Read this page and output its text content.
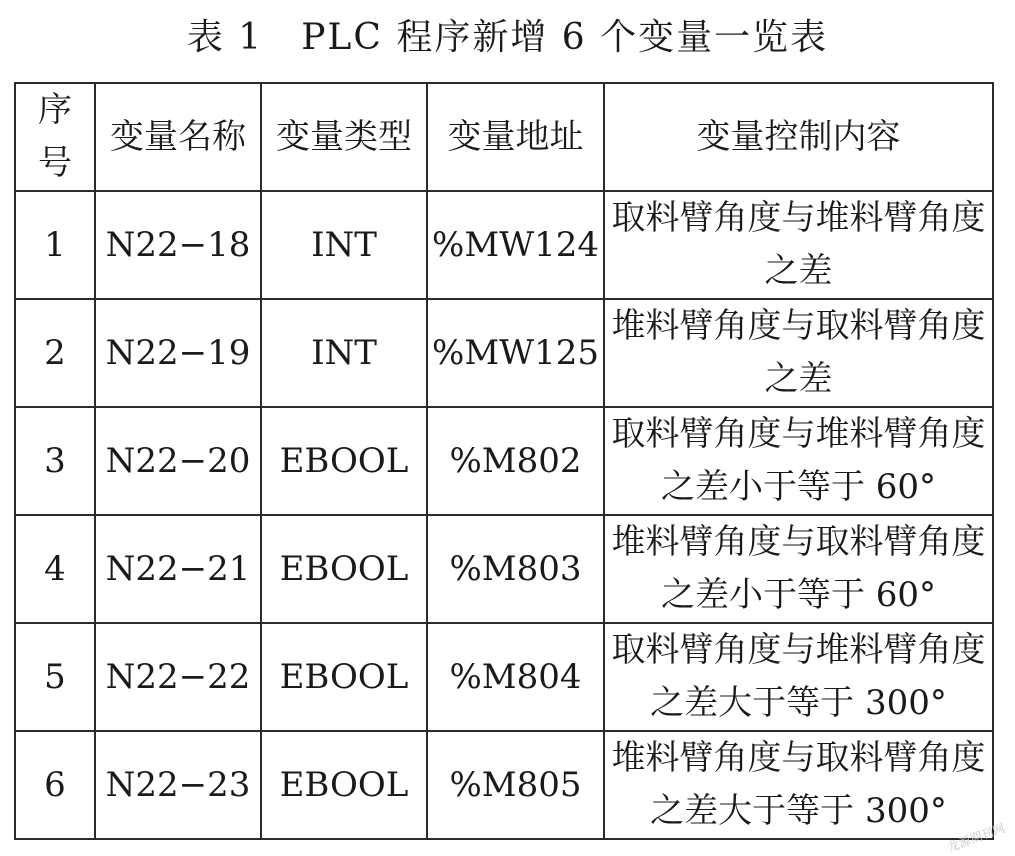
表 1　PLC 程序新增 6 个变量一览表
序号	变量名称	变量类型	变量地址	变量控制内容
1	N22−18	INT	%MW124	取料臂角度与堆料臂角度之差
2	N22−19	INT	%MW125	堆料臂角度与取料臂角度之差
3	N22−20	EBOOL	%M802	取料臂角度与堆料臂角度之差小于等于 60°
4	N22−21	EBOOL	%M803	堆料臂角度与取料臂角度之差小于等于 60°
5	N22−22	EBOOL	%M804	取料臂角度与堆料臂角度之差大于等于 300°
6	N22−23	EBOOL	%M805	堆料臂角度与取料臂角度之差大于等于 300°
龙源期刊网
